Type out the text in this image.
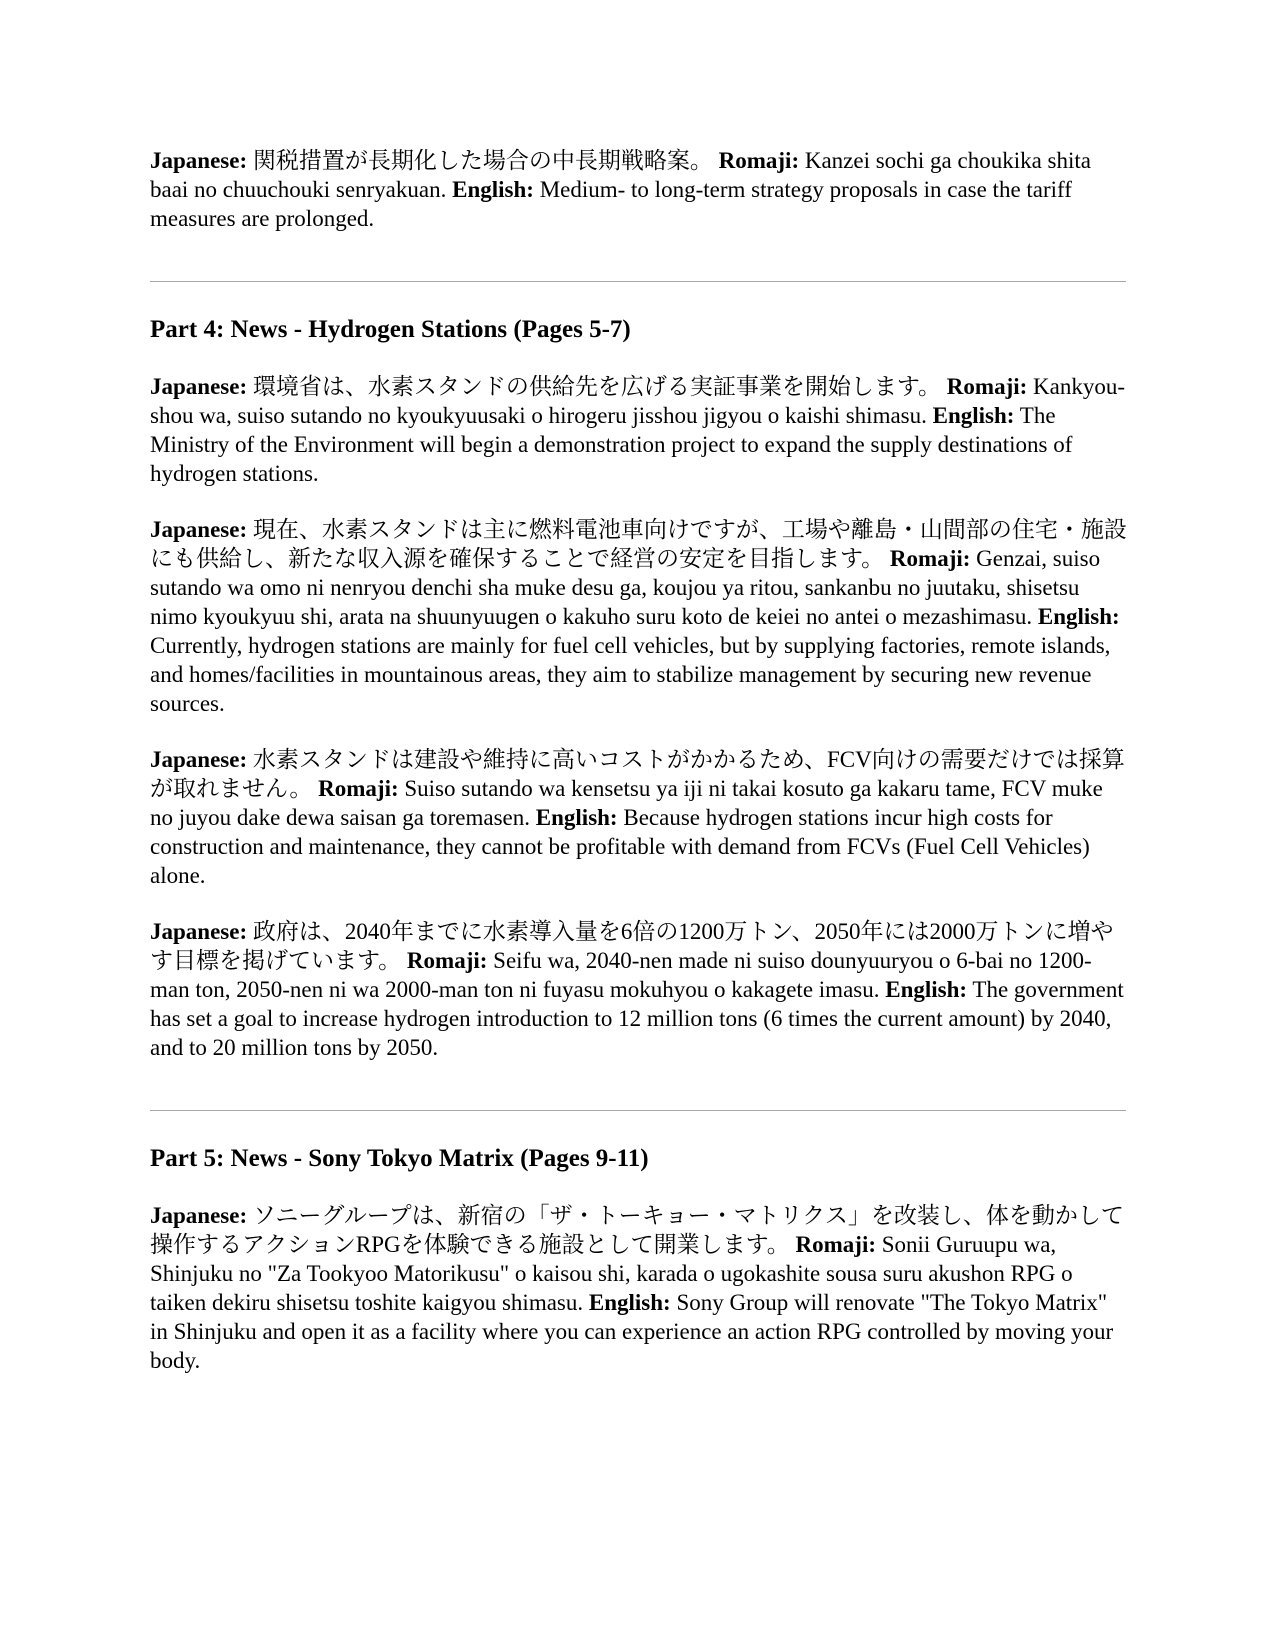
Japanese: 関税措置が長期化した場合の中長期戦略案。 Romaji: Kanzei sochi ga choukika shita baai no chuuchouki senryakuan. English: Medium- to long-term strategy proposals in case the tariff measures are prolonged.

Part 4: News - Hydrogen Stations (Pages 5-7)

Japanese: 環境省は、水素スタンドの供給先を広げる実証事業を開始します。 Romaji: Kankyou-shou wa, suiso sutando no kyoukyuusaki o hirogeru jisshou jigyou o kaishi shimasu. English: The Ministry of the Environment will begin a demonstration project to expand the supply destinations of hydrogen stations.

Japanese: 現在、水素スタンドは主に燃料電池車向けですが、工場や離島・山間部の住宅・施設にも供給し、新たな収入源を確保することで経営の安定を目指します。 Romaji: Genzai, suiso sutando wa omo ni nenryou denchi sha muke desu ga, koujou ya ritou, sankanbu no juutaku, shisetsu nimo kyoukyuu shi, arata na shuunyuugen o kakuho suru koto de keiei no antei o mezashimasu. English: Currently, hydrogen stations are mainly for fuel cell vehicles, but by supplying factories, remote islands, and homes/facilities in mountainous areas, they aim to stabilize management by securing new revenue sources.

Japanese: 水素スタンドは建設や維持に高いコストがかかるため、FCV向けの需要だけでは採算が取れません。 Romaji: Suiso sutando wa kensetsu ya iji ni takai kosuto ga kakaru tame, FCV muke no juyou dake dewa saisan ga toremasen. English: Because hydrogen stations incur high costs for construction and maintenance, they cannot be profitable with demand from FCVs (Fuel Cell Vehicles) alone.

Japanese: 政府は、2040年までに水素導入量を6倍の1200万トン、2050年には2000万トンに増やす目標を掲げています。 Romaji: Seifu wa, 2040-nen made ni suiso dounyuuryou o 6-bai no 1200-man ton, 2050-nen ni wa 2000-man ton ni fuyasu mokuhyou o kakagete imasu. English: The government has set a goal to increase hydrogen introduction to 12 million tons (6 times the current amount) by 2040, and to 20 million tons by 2050.

Part 5: News - Sony Tokyo Matrix (Pages 9-11)

Japanese: ソニーグループは、新宿の「ザ・トーキョー・マトリクス」を改装し、体を動かして操作するアクションRPGを体験できる施設として開業します。 Romaji: Sonii Guruupu wa, Shinjuku no "Za Tookyoo Matorikusu" o kaisou shi, karada o ugokashite sousa suru akushon RPG o taiken dekiru shisetsu toshite kaigyou shimasu. English: Sony Group will renovate "The Tokyo Matrix" in Shinjuku and open it as a facility where you can experience an action RPG controlled by moving your body.
